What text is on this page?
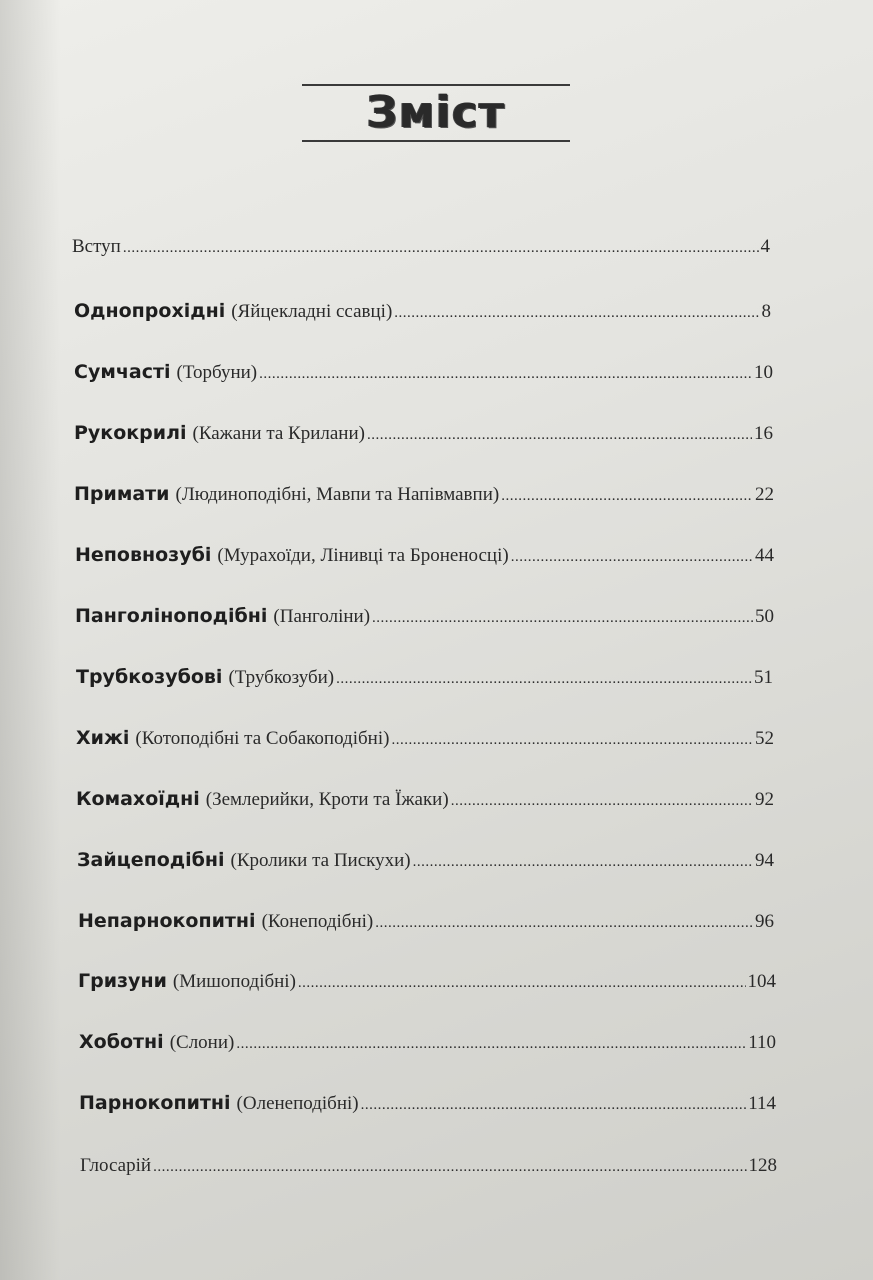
Зміст
Вступ .....	4
Однопрохідні (Яйцекладні ссавці) .....	8
Сумчасті (Торбуни) .....	10
Рукокрилі (Кажани та Крилани) .....	16
Примати (Людиноподібні, Мавпи та Напівмавпи) .....	22
Неповнозубі (Мурахоїди, Лінивці та Броненосці) .....	44
Панголіноподібні (Панголіни) .....	50
Трубкозубові (Трубкозуби) .....	51
Хижі (Котоподібні та Собакоподібні) .....	52
Комахоїдні (Землерийки, Кроти та Їжаки) .....	92
Зайцеподібні (Кролики та Пискухи) .....	94
Непарнокопитні (Конеподібні) .....	96
Гризуни (Мишоподібні) .....	104
Хоботні (Слони) .....	110
Парнокопитні (Оленеподібні) .....	114
Глосарій .....	128
